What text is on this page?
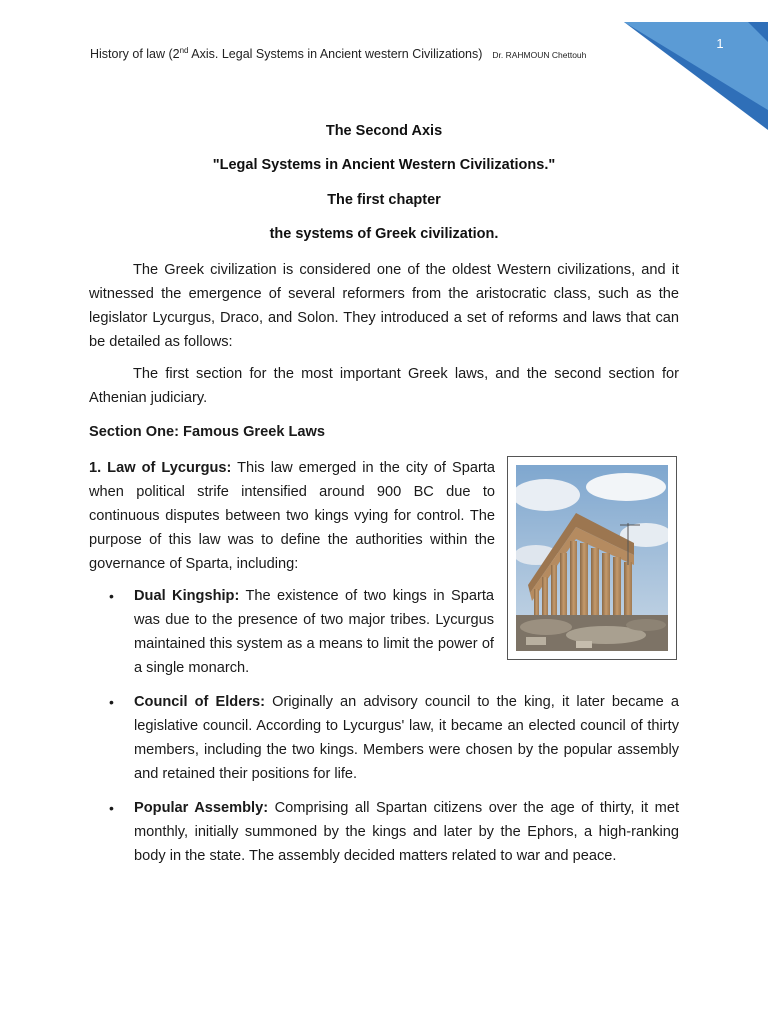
1
History of law (2nd Axis. Legal Systems in Ancient western Civilizations) Dr. RAHMOUN Chettouh
The Second Axis
"Legal Systems in Ancient Western Civilizations."
The first chapter
the systems of Greek civilization.

The Greek civilization is considered one of the oldest Western civilizations, and it witnessed the emergence of several reformers from the aristocratic class, such as the legislator Lycurgus, Draco, and Solon. They introduced a set of reforms and laws that can be detailed as follows:

The first section for the most important Greek laws, and the second section for Athenian judiciary.

Section One: Famous Greek Laws

1. Law of Lycurgus: This law emerged in the city of Sparta when political strife intensified around 900 BC due to continuous disputes between two kings vying for control. The purpose of this law was to define the authorities within the governance of Sparta, including:

• Dual Kingship: The existence of two kings in Sparta was due to the presence of two major tribes. Lycurgus maintained this system as a means to limit the power of a single monarch.
• Council of Elders: Originally an advisory council to the king, it later became a legislative council. According to Lycurgus' law, it became an elected council of thirty members, including the two kings. Members were chosen by the popular assembly and retained their positions for life.
• Popular Assembly: Comprising all Spartan citizens over the age of thirty, it met monthly, initially summoned by the kings and later by the Ephors, a high-ranking body in the state. The assembly decided matters related to war and peace.
